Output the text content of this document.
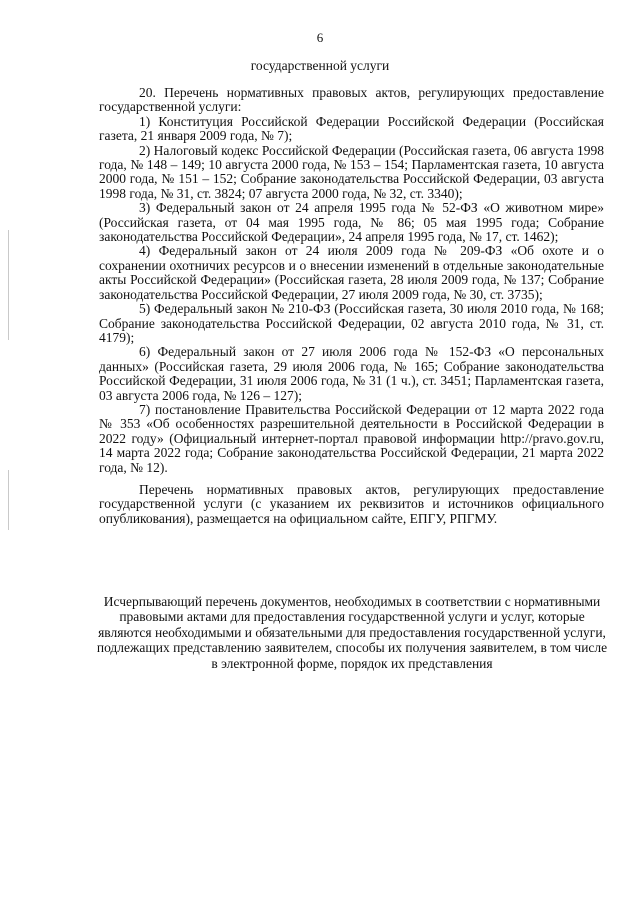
6
государственной услуги

20. Перечень нормативных правовых актов, регулирующих предоставление государственной услуги:

1) Конституция Российской Федерации Российской Федерации (Российская газета, 21 января 2009 года, № 7);

2) Налоговый кодекс Российской Федерации (Российская газета, 06 августа 1998 года, № 148 – 149; 10 августа 2000 года, № 153 – 154; Парламентская газета, 10 августа 2000 года, № 151 – 152; Собрание законодательства Российской Федерации, 03 августа 1998 года, № 31, ст. 3824; 07 августа 2000 года, № 32, ст. 3340);

3) Федеральный закон от 24 апреля 1995 года № 52-ФЗ «О животном мире» (Российская газета, от 04 мая 1995 года, № 86; 05 мая 1995 года; Собрание законодательства Российской Федерации», 24 апреля 1995 года, № 17, ст. 1462);

4) Федеральный закон от 24 июля 2009 года № 209-ФЗ «Об охоте и о сохранении охотничих ресурсов и о внесении изменений в отдельные законодательные акты Российской Федерации» (Российская газета, 28 июля 2009 года, № 137; Собрание законодательства Российской Федерации, 27 июля 2009 года, № 30, ст. 3735);

5) Федеральный закон № 210-ФЗ (Российская газета, 30 июля 2010 года, № 168; Собрание законодательства Российской Федерации, 02 августа 2010 года, № 31, ст. 4179);

6) Федеральный закон от 27 июля 2006 года № 152-ФЗ «О персональных данных» (Российская газета, 29 июля 2006 года, № 165; Собрание законодательства Российской Федерации, 31 июля 2006 года, № 31 (1 ч.), ст. 3451; Парламентская газета, 03 августа 2006 года, № 126 – 127);

7) постановление Правительства Российской Федерации от 12 марта 2022 года № 353 «Об особенностях разрешительной деятельности в Российской Федерации в 2022 году» (Официальный интернет-портал правовой информации http://pravo.gov.ru, 14 марта 2022 года; Собрание законодательства Российской Федерации, 21 марта 2022 года, № 12).

Перечень нормативных правовых актов, регулирующих предоставление государственной услуги (с указанием их реквизитов и источников официального опубликования), размещается на официальном сайте, ЕПГУ, РПГМУ.

Исчерпывающий перечень документов, необходимых в соответствии с нормативными правовыми актами для предоставления государственной услуги и услуг, которые являются необходимыми и обязательными для предоставления государственной услуги, подлежащих представлению заявителем, способы их получения заявителем, в том числе в электронной форме, порядок их представления
